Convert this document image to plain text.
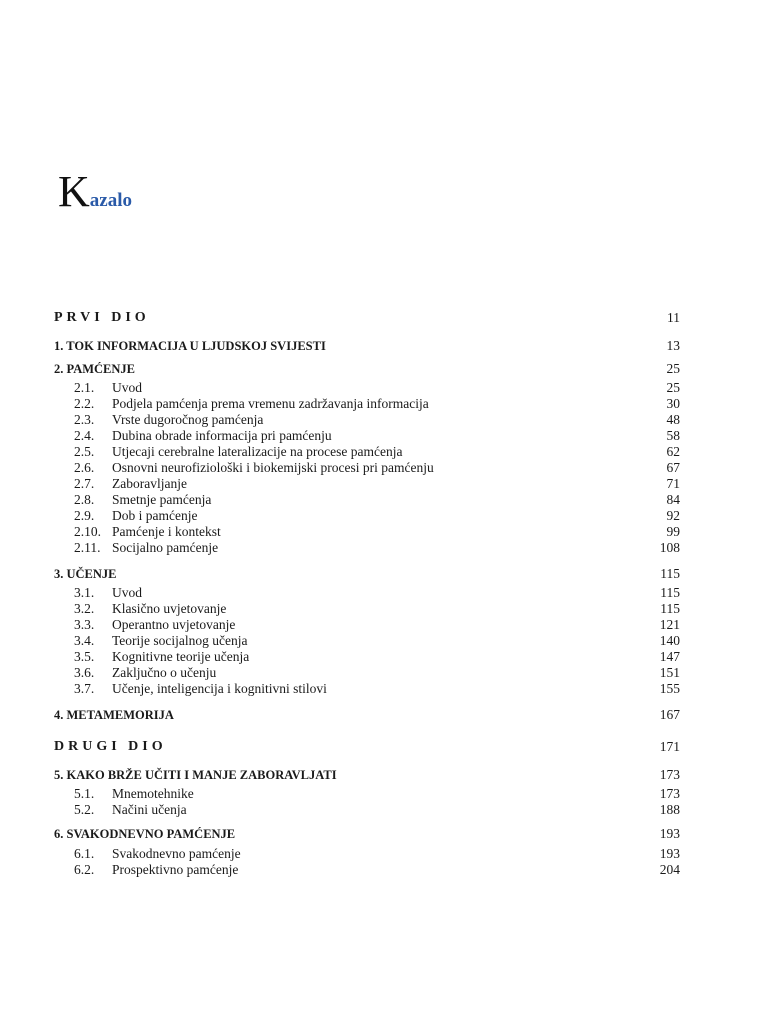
Kazalo
PRVI DIO	11
1. TOK INFORMACIJA U LJUDSKOJ SVIJESTI	13
2. PAMĆENJE	25
2.1. Uvod	25
2.2. Podjela pamćenja prema vremenu zadržavanja informacija	30
2.3. Vrste dugoročnog pamćenja	48
2.4. Dubina obrade informacija pri pamćenju	58
2.5. Utjecaji cerebralne lateralizacije na procese pamćenja	62
2.6. Osnovni neurofiziološki i biokemijski procesi pri pamćenju	67
2.7. Zaboravljanje	71
2.8. Smetnje pamćenja	84
2.9. Dob i pamćenje	92
2.10. Pamćenje i kontekst	99
2.11. Socijalno pamćenje	108
3. UČENJE	115
3.1. Uvod	115
3.2. Klasično uvjetovanje	115
3.3. Operantno uvjetovanje	121
3.4. Teorije socijalnog učenja	140
3.5. Kognitivne teorije učenja	147
3.6. Zaključno o učenju	151
3.7. Učenje, inteligencija i kognitivni stilovi	155
4. METAMEMORIJA	167
DRUGI DIO	171
5. KAKO BRŽE UČITI I MANJE ZABORAVLJATI	173
5.1. Mnemotehnike	173
5.2. Načini učenja	188
6. SVAKODNEVNO PAMĆENJE	193
6.1. Svakodnevno pamćenje	193
6.2. Prospektivno pamćenje	204
